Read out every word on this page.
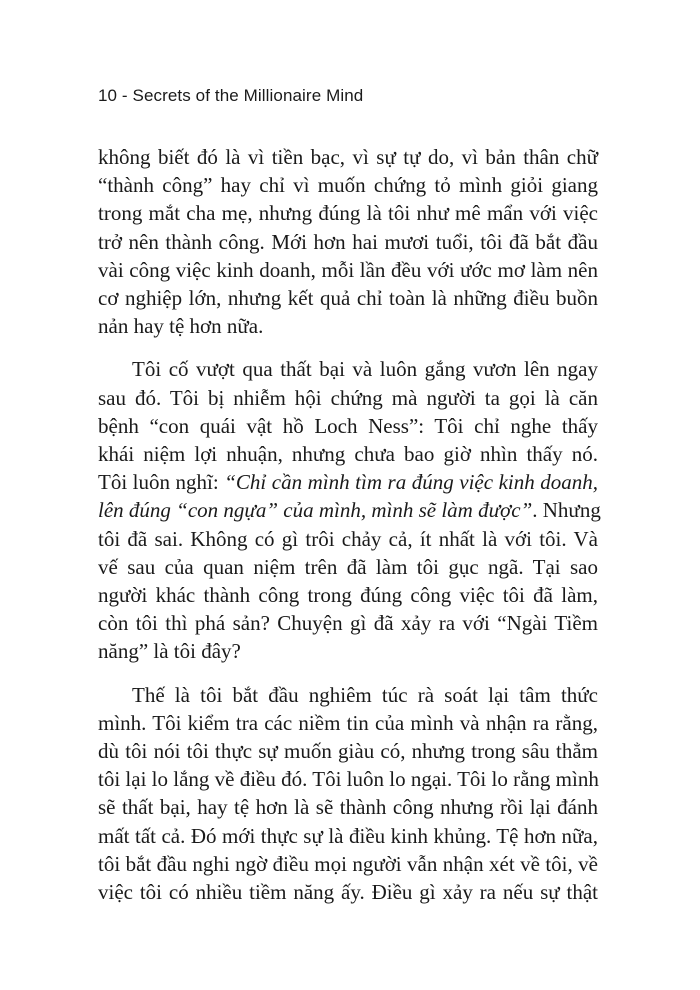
10 - Secrets of the Millionaire Mind

không biết đó là vì tiền bạc, vì sự tự do, vì bản thân chữ
“thành công” hay chỉ vì muốn chứng tỏ mình giỏi giang
trong mắt cha mẹ, nhưng đúng là tôi như mê mẩn với việc
trở nên thành công. Mới hơn hai mươi tuổi, tôi đã bắt đầu
vài công việc kinh doanh, mỗi lần đều với ước mơ làm nên
cơ nghiệp lớn, nhưng kết quả chỉ toàn là những điều buồn
nản hay tệ hơn nữa.

Tôi cố vượt qua thất bại và luôn gắng vươn lên ngay
sau đó. Tôi bị nhiễm hội chứng mà người ta gọi là căn
bệnh “con quái vật hồ Loch Ness”: Tôi chỉ nghe thấy
khái niệm lợi nhuận, nhưng chưa bao giờ nhìn thấy nó.
Tôi luôn nghĩ: “Chỉ cần mình tìm ra đúng việc kinh doanh,
lên đúng “con ngựa” của mình, mình sẽ làm được”. Nhưng
tôi đã sai. Không có gì trôi chảy cả, ít nhất là với tôi. Và
vế sau của quan niệm trên đã làm tôi gục ngã. Tại sao
người khác thành công trong đúng công việc tôi đã làm,
còn tôi thì phá sản? Chuyện gì đã xảy ra với “Ngài Tiềm
năng” là tôi đây?

Thế là tôi bắt đầu nghiêm túc rà soát lại tâm thức
mình. Tôi kiểm tra các niềm tin của mình và nhận ra rằng,
dù tôi nói tôi thực sự muốn giàu có, nhưng trong sâu thẳm
tôi lại lo lắng về điều đó. Tôi luôn lo ngại. Tôi lo rằng mình
sẽ thất bại, hay tệ hơn là sẽ thành công nhưng rồi lại đánh
mất tất cả. Đó mới thực sự là điều kinh khủng. Tệ hơn nữa,
tôi bắt đầu nghi ngờ điều mọi người vẫn nhận xét về tôi, về
việc tôi có nhiều tiềm năng ấy. Điều gì xảy ra nếu sự thật
